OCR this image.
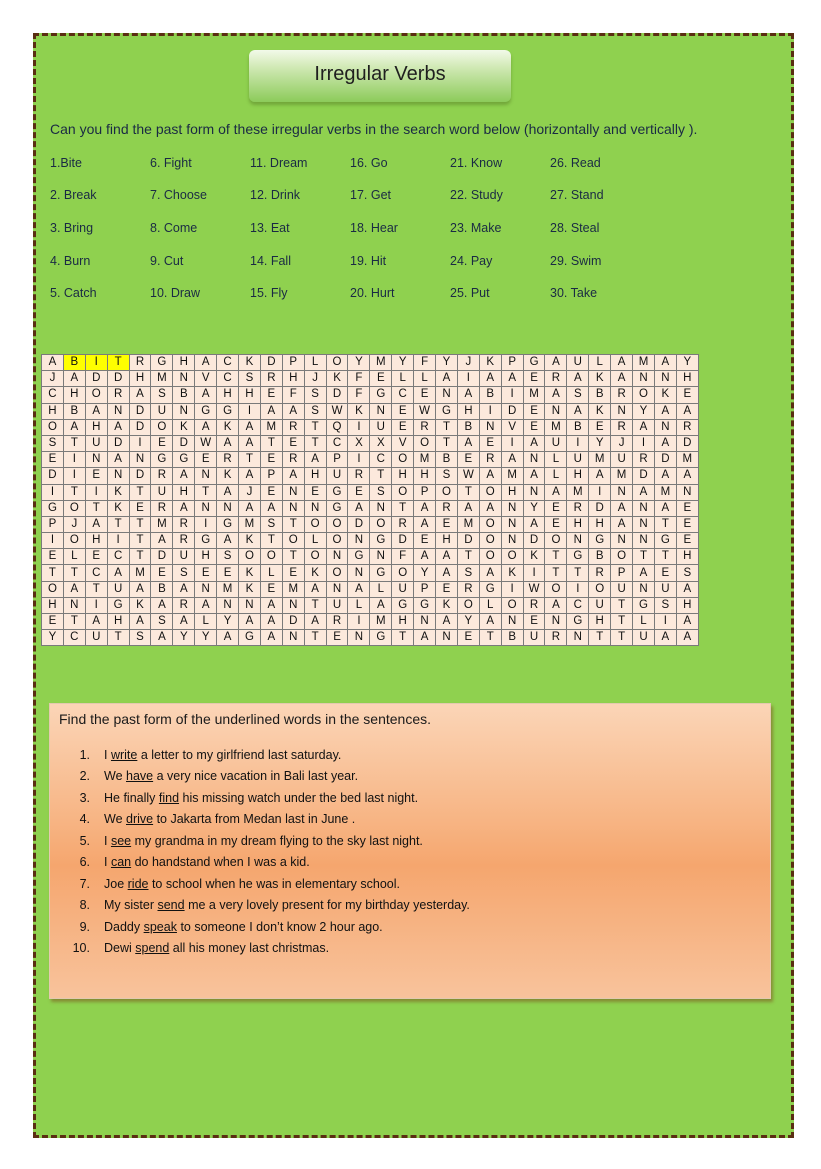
Irregular Verbs
Can you find the past form of these irregular verbs in the search word below (horizontally and vertically ).
1.Bite
2. Break
3. Bring
4. Burn
5. Catch
6. Fight
7. Choose
8. Come
9. Cut
10. Draw
11. Dream
12. Drink
13. Eat
14. Fall
15. Fly
16. Go
17. Get
18. Hear
19. Hit
20. Hurt
21. Know
22. Study
23. Make
24. Pay
25. Put
26. Read
27. Stand
28. Steal
29. Swim
30. Take
A	B	I	T	R	G	H	A	C	K	D	P	L	O	Y	M	Y	F	Y	J	K	P	G	A	U	L	A	M	A	Y
J	A	D	D	H	M	N	V	C	S	R	H	J	K	F	E	L	L	A	I	A	A	E	R	A	K	A	N	N	H
C	H	O	R	A	S	B	A	H	H	E	F	S	D	F	G	C	E	N	A	B	I	M	A	S	B	R	O	K	E
H	B	A	N	D	U	N	G	G	I	A	A	S	W	K	N	E	W	G	H	I	D	E	N	A	K	N	Y	A	A
O	A	H	A	D	O	K	A	K	A	M	R	T	Q	I	U	E	R	T	B	N	V	E	M	B	E	R	A	N	R
S	T	U	D	I	E	D	W	A	A	T	E	T	C	X	X	V	O	T	A	E	I	A	U	I	Y	J	I	A	D
E	I	N	A	N	G	G	E	R	T	E	R	A	P	I	C	O	M	B	E	R	A	N	L	U	M	U	R	D	M
D	I	E	N	D	R	A	N	K	A	P	A	H	U	R	T	H	H	S	W	A	M	A	L	H	A	M	D	A	A
I	T	I	K	T	U	H	T	A	J	E	N	E	G	E	S	O	P	O	T	O	H	N	A	M	I	N	A	M	N
G	O	T	K	E	R	A	N	N	A	A	N	N	G	A	N	T	A	R	A	A	N	Y	E	R	D	A	N	A	E
P	J	A	T	T	M	R	I	G	M	S	T	O	O	D	O	R	A	E	M	O	N	A	E	H	H	A	N	T	E
I	O	H	I	T	A	R	G	A	K	T	O	L	O	N	G	D	E	H	D	O	N	D	O	N	G	N	N	G	E
E	L	E	C	T	D	U	H	S	O	O	T	O	N	G	N	F	A	A	T	O	O	K	T	G	B	O	T	T	H
T	T	C	A	M	E	S	E	E	K	L	E	K	O	N	G	O	Y	A	S	A	K	I	T	T	R	P	A	E	S
O	A	T	U	A	B	A	N	M	K	E	M	A	N	A	L	U	P	E	R	G	I	W	O	I	O	U	N	U	A
H	N	I	G	K	A	R	A	N	N	A	N	T	U	L	A	G	G	K	O	L	O	R	A	C	U	T	G	S	H
E	T	A	H	A	S	A	L	Y	A	A	D	A	R	I	M	H	N	A	Y	A	N	E	N	G	H	T	L	I	A
Y	C	U	T	S	A	Y	Y	A	G	A	N	T	E	N	G	T	A	N	E	T	B	U	R	N	T	T	U	A	A
Find the past form of the underlined words in the sentences.
1. I write a letter to my girlfriend last saturday.
2. We have a very nice vacation in Bali last year.
3. He finally find his missing watch under the bed last night.
4. We drive to Jakarta from Medan last in June .
5. I see my grandma in my dream flying to the sky last night.
6. I can do handstand when I was a kid.
7. Joe ride to school when he was in elementary school.
8. My sister send me a very lovely present for my birthday yesterday.
9. Daddy speak to someone I don’t know 2 hour ago.
10. Dewi spend all his money last christmas.
